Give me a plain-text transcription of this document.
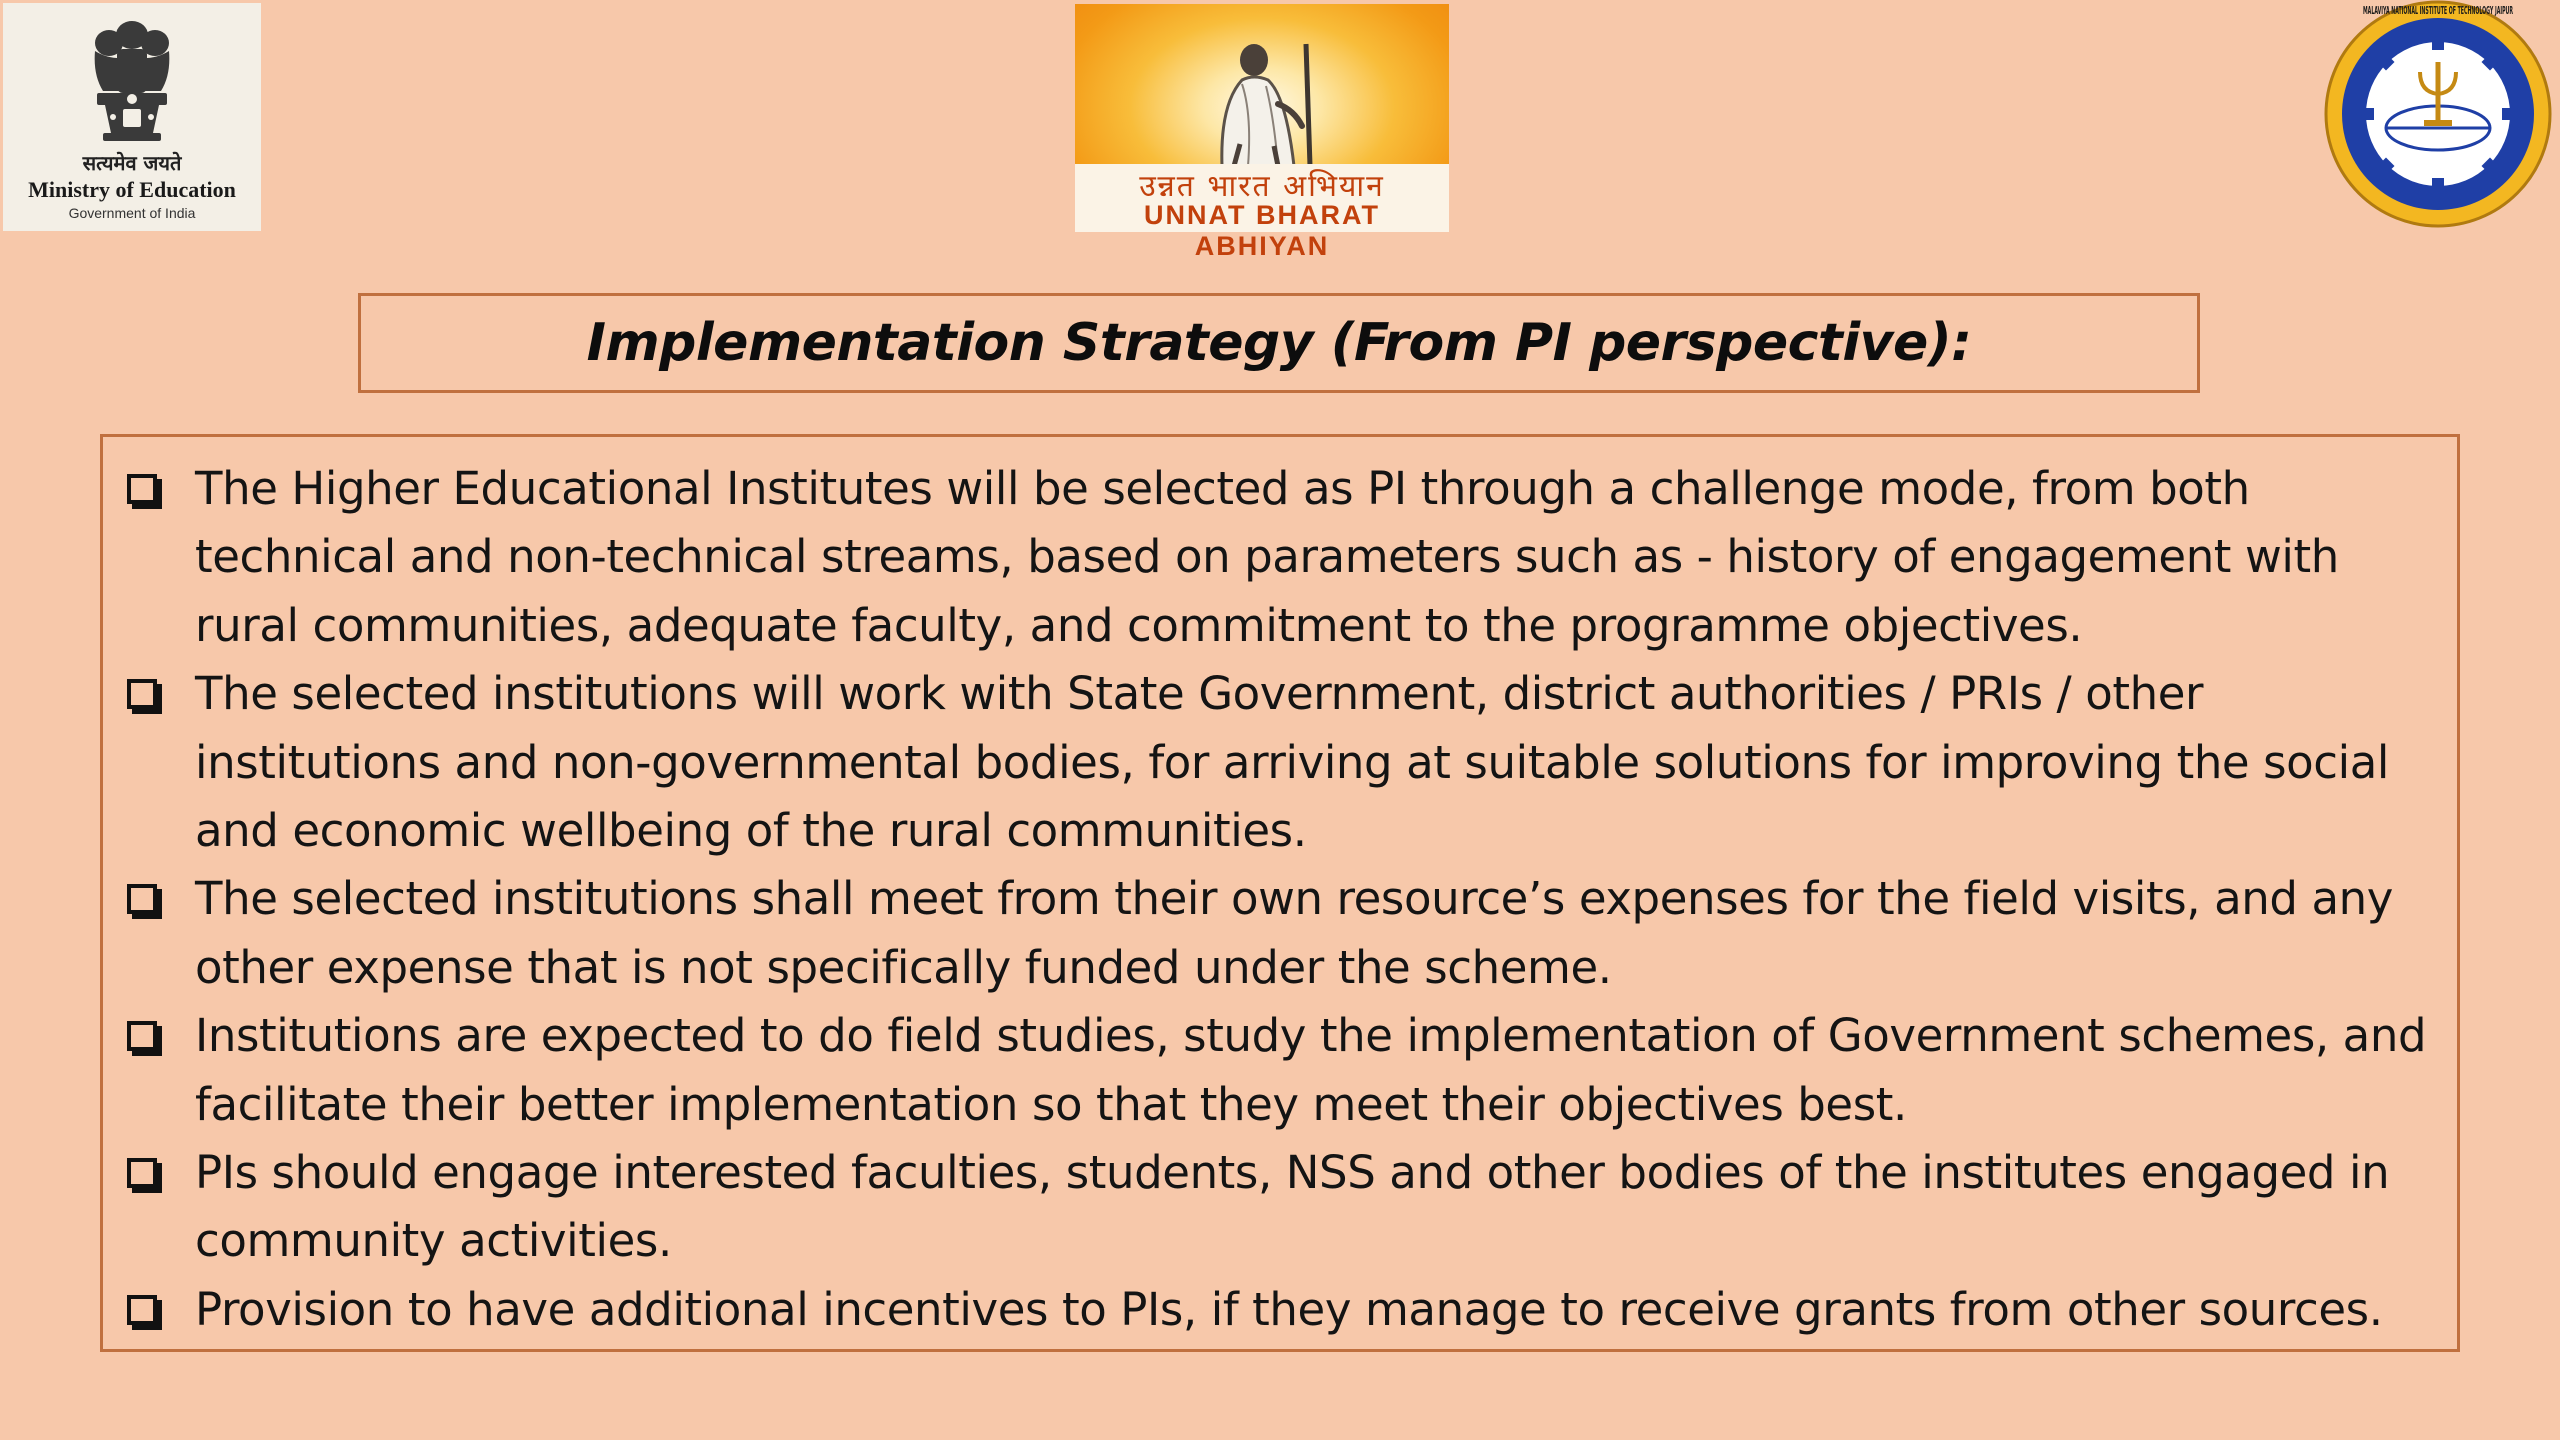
सत्यमेव जयते
Ministry of Education
Government of India
उन्नत भारत अभियान
UNNAT BHARAT ABHIYAN
MALAVIYA NATIONAL INSTITUTE OF TECHNOLOGY JAIPUR
Implementation Strategy (From PI perspective):
The Higher Educational Institutes will be selected as PI through a challenge mode, from both technical and non-technical streams, based on parameters such as - history of engagement with rural communities, adequate faculty, and commitment to the programme objectives.
The selected institutions will work with State Government, district authorities / PRIs / other institutions and non-governmental bodies, for arriving at suitable solutions for improving the social and economic wellbeing of the rural communities.
The selected institutions shall meet from their own resource’s expenses for the field visits, and any other expense that is not specifically funded under the scheme.
Institutions are expected to do field studies, study the implementation of Government schemes, and facilitate their better implementation so that they meet their objectives best.
PIs should engage interested faculties, students, NSS and other bodies of the institutes engaged in community activities.
Provision to have additional incentives to PIs, if they manage to receive grants from other sources.
